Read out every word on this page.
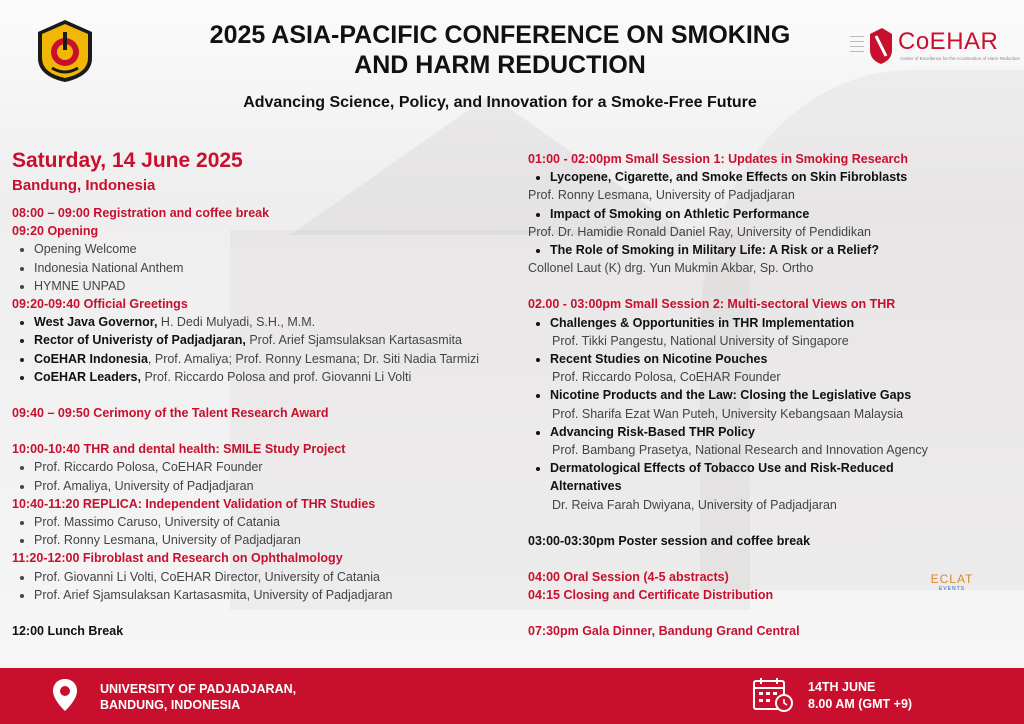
CoEHAR
Center of Excellence for the Acceleration of Harm Reduction
2025 ASIA-PACIFIC CONFERENCE ON SMOKING
AND HARM REDUCTION
Advancing Science, Policy, and Innovation for a Smoke-Free Future
Saturday, 14 June 2025
Bandung, Indonesia
08:00 – 09:00 Registration and coffee break
09:20 Opening
• Opening Welcome
• Indonesia National Anthem
• HYMNE UNPAD
09:20-09:40 Official Greetings
• West Java Governor, H. Dedi Mulyadi, S.H., M.M.
• Rector of Univeristy of Padjadjaran, Prof. Arief Sjamsulaksan Kartasasmita
• CoEHAR Indonesia, Prof. Amaliya; Prof. Ronny Lesmana; Dr. Siti Nadia Tarmizi
• CoEHAR Leaders, Prof. Riccardo Polosa and prof. Giovanni Li Volti
09:40 – 09:50 Cerimony of the Talent Research Award
10:00-10:40 THR and dental health: SMILE Study Project
• Prof. Riccardo Polosa, CoEHAR Founder
• Prof. Amaliya, University of Padjadjaran
10:40-11:20 REPLICA: Independent Validation of THR Studies
• Prof. Massimo Caruso, University of Catania
• Prof. Ronny Lesmana, University of Padjadjaran
11:20-12:00 Fibroblast and Research on Ophthalmology
• Prof. Giovanni Li Volti, CoEHAR Director, University of Catania
• Prof. Arief Sjamsulaksan Kartasasmita, University of Padjadjaran
12:00 Lunch Break
01:00 - 02:00pm Small Session 1: Updates in Smoking Research
• Lycopene, Cigarette, and Smoke Effects on Skin Fibroblasts
Prof. Ronny Lesmana, University of Padjadjaran
• Impact of Smoking on Athletic Performance
Prof. Dr. Hamidie Ronald Daniel Ray, University of Pendidikan
• The Role of Smoking in Military Life: A Risk or a Relief?
Collonel Laut (K) drg. Yun Mukmin Akbar, Sp. Ortho
02.00 - 03:00pm Small Session 2: Multi-sectoral Views on THR
• Challenges & Opportunities in THR Implementation
Prof. Tikki Pangestu, National University of Singapore
• Recent Studies on Nicotine Pouches
Prof. Riccardo Polosa, CoEHAR Founder
• Nicotine Products and the Law: Closing the Legislative Gaps
Prof. Sharifa Ezat Wan Puteh, University Kebangsaan Malaysia
• Advancing Risk-Based THR Policy
Prof. Bambang Prasetya, National Research and Innovation Agency
• Dermatological Effects of Tobacco Use and Risk-Reduced Alternatives
Dr. Reiva Farah Dwiyana, University of Padjadjaran
03:00-03:30pm Poster session and coffee break
04:00 Oral Session (4-5 abstracts)
04:15 Closing and Certificate Distribution
07:30pm Gala Dinner, Bandung Grand Central
ECLAT
EVENTS
UNIVERSITY OF PADJADJARAN,
BANDUNG, INDONESIA
14TH JUNE
8.00 AM (GMT +9)
